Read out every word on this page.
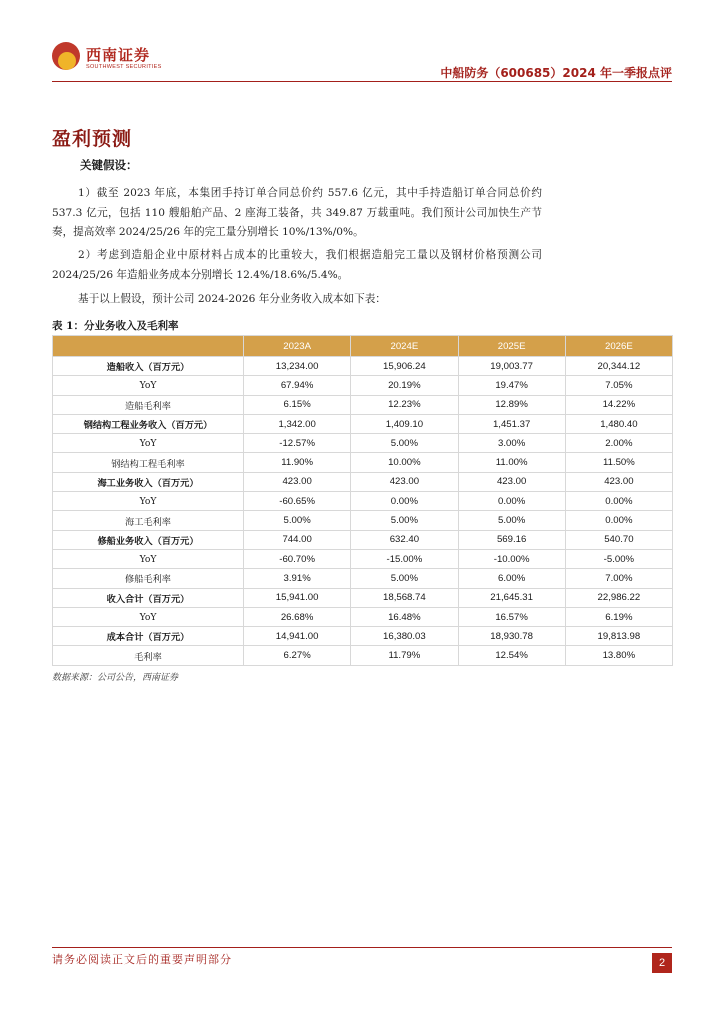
西南证券
SOUTHWEST SECURITIES	中船防务（600685）2024 年一季报点评
盈利预测
关键假设：
1）截至 2023 年底，本集团手持订单合同总价约 557.6 亿元，其中手持造船订单合同总价约 537.3 亿元，包括 110 艘船舶产品、2 座海工装备，共 349.87 万载重吨。我们预计公司加快生产节奏，提高效率 2024/25/26 年的完工量分别增长 10%/13%/0%。
2）考虑到造船企业中原材料占成本的比重较大，我们根据造船完工量以及钢材价格预测公司 2024/25/26 年造船业务成本分别增长 12.4%/18.6%/5.4%。
基于以上假设，预计公司 2024-2026 年分业务收入成本如下表：
表 1：分业务收入及毛利率
	2023A	2024E	2025E	2026E
造船收入（百万元）	13,234.00	15,906.24	19,003.77	20,344.12
YoY	67.94%	20.19%	19.47%	7.05%
造船毛利率	6.15%	12.23%	12.89%	14.22%
钢结构工程业务收入（百万元）	1,342.00	1,409.10	1,451.37	1,480.40
YoY	-12.57%	5.00%	3.00%	2.00%
钢结构工程毛利率	11.90%	10.00%	11.00%	11.50%
海工业务收入（百万元）	423.00	423.00	423.00	423.00
YoY	-60.65%	0.00%	0.00%	0.00%
海工毛利率	5.00%	5.00%	5.00%	0.00%
修船业务收入（百万元）	744.00	632.40	569.16	540.70
YoY	-60.70%	-15.00%	-10.00%	-5.00%
修船毛利率	3.91%	5.00%	6.00%	7.00%
收入合计（百万元）	15,941.00	18,568.74	21,645.31	22,986.22
YoY	26.68%	16.48%	16.57%	6.19%
成本合计（百万元）	14,941.00	16,380.03	18,930.78	19,813.98
毛利率	6.27%	11.79%	12.54%	13.80%
数据来源：公司公告，西南证券
请务必阅读正文后的重要声明部分	2
